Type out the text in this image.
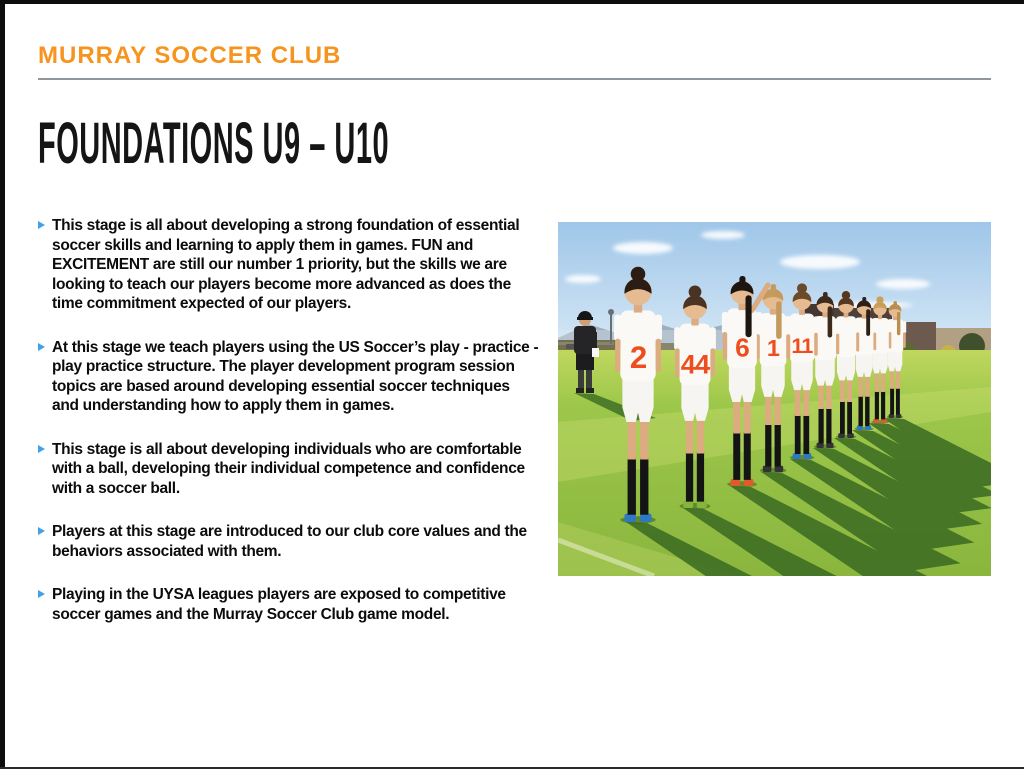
MURRAY SOCCER CLUB
FOUNDATIONS U9 – U10
This stage is all about developing a strong foundation of essential soccer skills and learning to apply them in games. FUN and EXCITEMENT are still our number 1 priority, but the skills we are looking to teach our players become more advanced as does the time commitment expected of our players.
At this stage we teach players using the US Soccer’s play - practice - play practice structure. The player development program session topics are based around developing essential soccer techniques and understanding how to apply them in games.
This stage is all about developing individuals who are comfortable with a ball, developing their individual competence and confidence with a soccer ball.
Players at this stage are introduced to our club core values and the behaviors associated with them.
Playing in the UYSA leagues players are exposed to competitive soccer games and the Murray Soccer Club game model.
11
1
6
44
2
